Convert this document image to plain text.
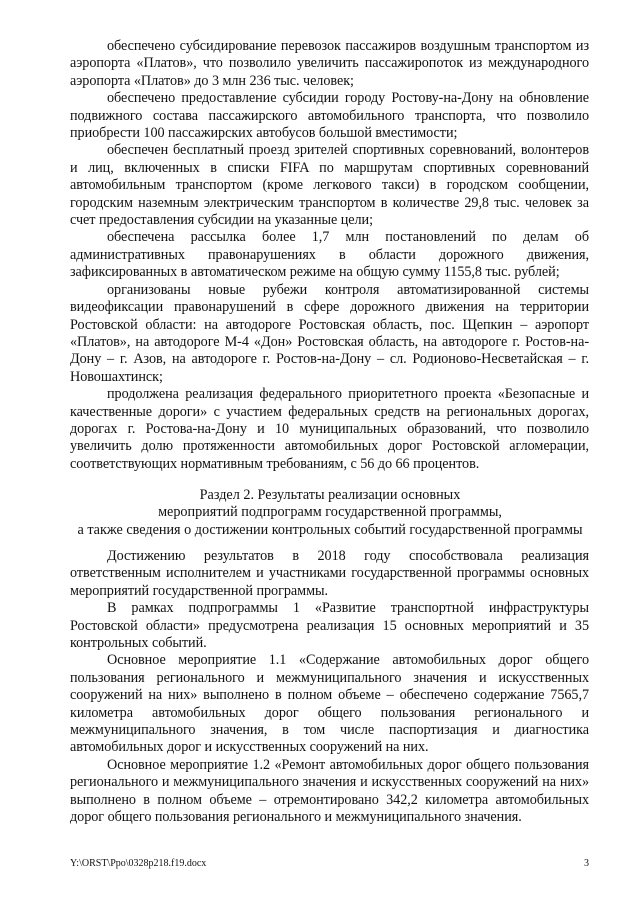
обеспечено субсидирование перевозок пассажиров воздушным транспортом из аэропорта «Платов», что позволило увеличить пассажиропоток из международного аэропорта «Платов» до 3 млн 236 тыс. человек;

обеспечено предоставление субсидии городу Ростову-на-Дону на обновление подвижного состава пассажирского автомобильного транспорта, что позволило приобрести 100 пассажирских автобусов большой вместимости;

обеспечен бесплатный проезд зрителей спортивных соревнований, волонтеров и лиц, включенных в списки FIFA по маршрутам спортивных соревнований автомобильным транспортом (кроме легкового такси) в городском сообщении, городским наземным электрическим транспортом в количестве 29,8 тыс. человек за счет предоставления субсидии на указанные цели;

обеспечена рассылка более 1,7 млн постановлений по делам об административных правонарушениях в области дорожного движения, зафиксированных в автоматическом режиме на общую сумму 1155,8 тыс. рублей;

организованы новые рубежи контроля автоматизированной системы видеофиксации правонарушений в сфере дорожного движения на территории Ростовской области: на автодороге Ростовская область, пос. Щепкин – аэропорт «Платов», на автодороге М-4 «Дон» Ростовская область, на автодороге г. Ростов-на-Дону – г. Азов, на автодороге г. Ростов-на-Дону – сл. Родионово-Несветайская – г. Новошахтинск;

продолжена реализация федерального приоритетного проекта «Безопасные и качественные дороги» с участием федеральных средств на региональных дорогах, дорогах г. Ростова-на-Дону и 10 муниципальных образований, что позволило увеличить долю протяженности автомобильных дорог Ростовской агломерации, соответствующих нормативным требованиям, с 56 до 66 процентов.

Раздел 2. Результаты реализации основных
мероприятий подпрограмм государственной программы,
а также сведения о достижении контрольных событий государственной программы

Достижению результатов в 2018 году способствовала реализация ответственным исполнителем и участниками государственной программы основных мероприятий государственной программы.

В рамках подпрограммы 1 «Развитие транспортной инфраструктуры Ростовской области» предусмотрена реализация 15 основных мероприятий и 35 контрольных событий.

Основное мероприятие 1.1 «Содержание автомобильных дорог общего пользования регионального и межмуниципального значения и искусственных сооружений на них» выполнено в полном объеме – обеспечено содержание 7565,7 километра автомобильных дорог общего пользования регионального и межмуниципального значения, в том числе паспортизация и диагностика автомобильных дорог и искусственных сооружений на них.

Основное мероприятие 1.2 «Ремонт автомобильных дорог общего пользования регионального и межмуниципального значения и искусственных сооружений на них» выполнено в полном объеме – отремонтировано 342,2 километра автомобильных дорог общего пользования регионального и межмуниципального значения.

Y:\ORST\Ppo\0328p218.f19.docx	3
